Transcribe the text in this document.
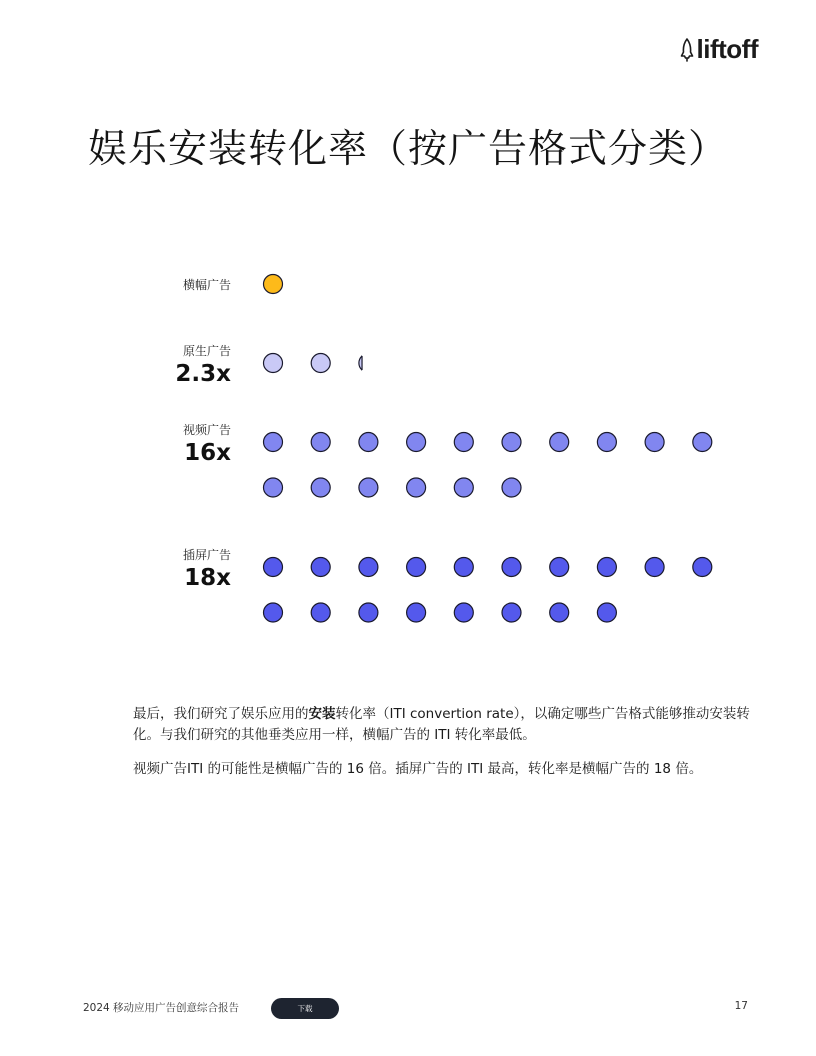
liftoff
娱乐安装转化率（按广告格式分类）
横幅广告
原生广告
2.3x
视频广告
16x
插屏广告
18x

最后，我们研究了娱乐应用的安装转化率（ITI convertion rate），以确定哪些广告格式能够推动安装转化。与我们研究的其他垂类应用一样，横幅广告的 ITI 转化率最低。

视频广告ITI 的可能性是横幅广告的 16 倍。插屏广告的 ITI 最高，转化率是横幅广告的 18 倍。

2024 移动应用广告创意综合报告	下载	17
